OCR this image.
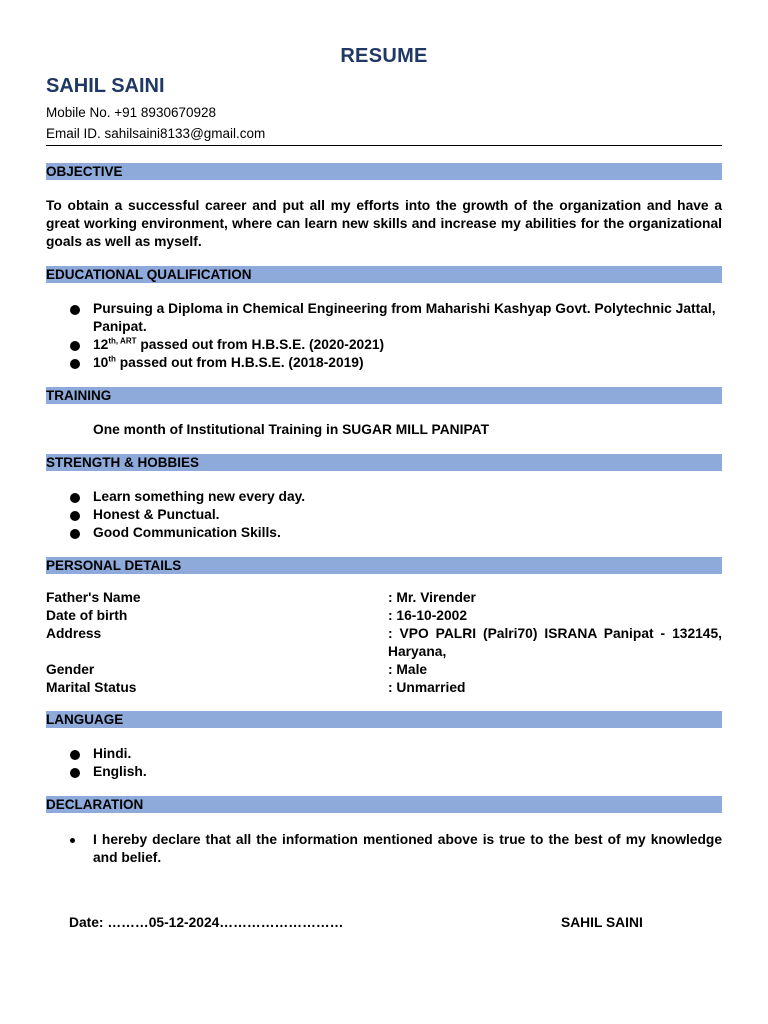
RESUME
SAHIL SAINI
Mobile No. +91 8930670928
Email ID. sahilsaini8133@gmail.com
OBJECTIVE
To obtain a successful career and put all my efforts into the growth of the organization and have a great working environment, where can learn new skills and increase my abilities for the organizational goals as well as myself.
EDUCATIONAL QUALIFICATION
Pursuing a Diploma in Chemical Engineering from Maharishi Kashyap Govt. Polytechnic Jattal, Panipat.
$12^{th, ART}$ passed out from H.B.S.E. (2020-2021)
10th passed out from H.B.S.E. (2018-2019)
TRAINING
One month of Institutional Training in SUGAR MILL PANIPAT
STRENGTH & HOBBIES
Learn something new every day.
Honest & Punctual.
Good Communication Skills.
PERSONAL DETAILS
Father's Name	: Mr. Virender
Date of birth	: 16-10-2002
Address	: VPO PALRI (Palri70) ISRANA Panipat - 132145, Haryana,
Gender	: Male
Marital Status	: Unmarried
LANGUAGE
Hindi.
English.
DECLARATION
I hereby declare that all the information mentioned above is true to the best of my knowledge and belief.
Date: ………05-12-2024………………………	SAHIL SAINI
